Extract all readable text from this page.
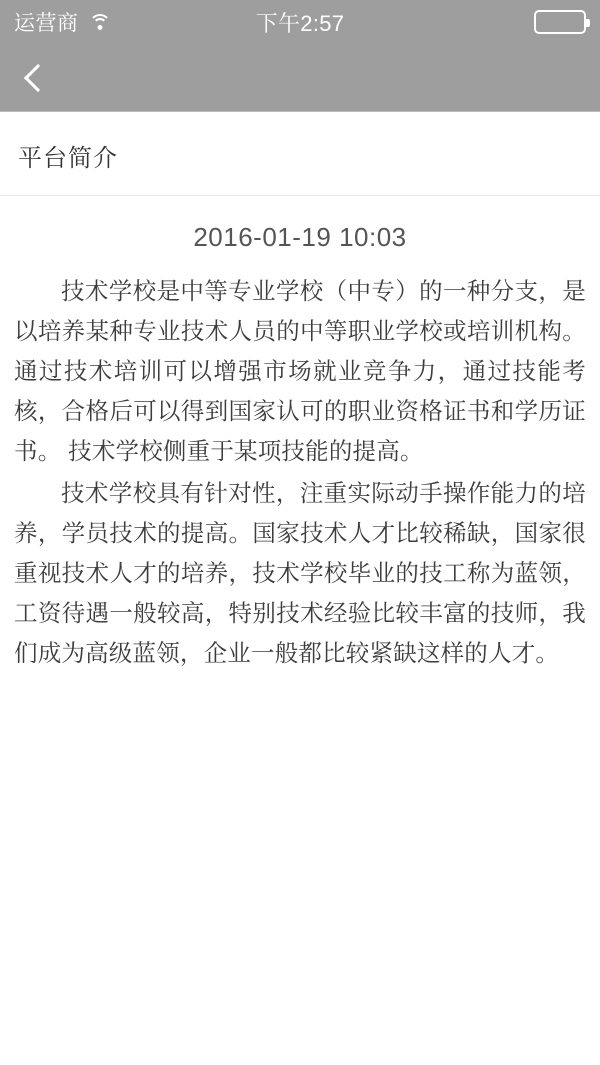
运营商	下午2:57
平台简介
2016-01-19 10:03

技术学校是中等专业学校（中专）的一种分支，是以培养某种专业技术人员的中等职业学校或培训机构。通过技术培训可以增强市场就业竞争力，通过技能考核，合格后可以得到国家认可的职业资格证书和学历证书。 技术学校侧重于某项技能的提高。

技术学校具有针对性，注重实际动手操作能力的培养，学员技术的提高。国家技术人才比较稀缺，国家很重视技术人才的培养，技术学校毕业的技工称为蓝领，工资待遇一般较高，特别技术经验比较丰富的技师，我们成为高级蓝领，企业一般都比较紧缺这样的人才。
